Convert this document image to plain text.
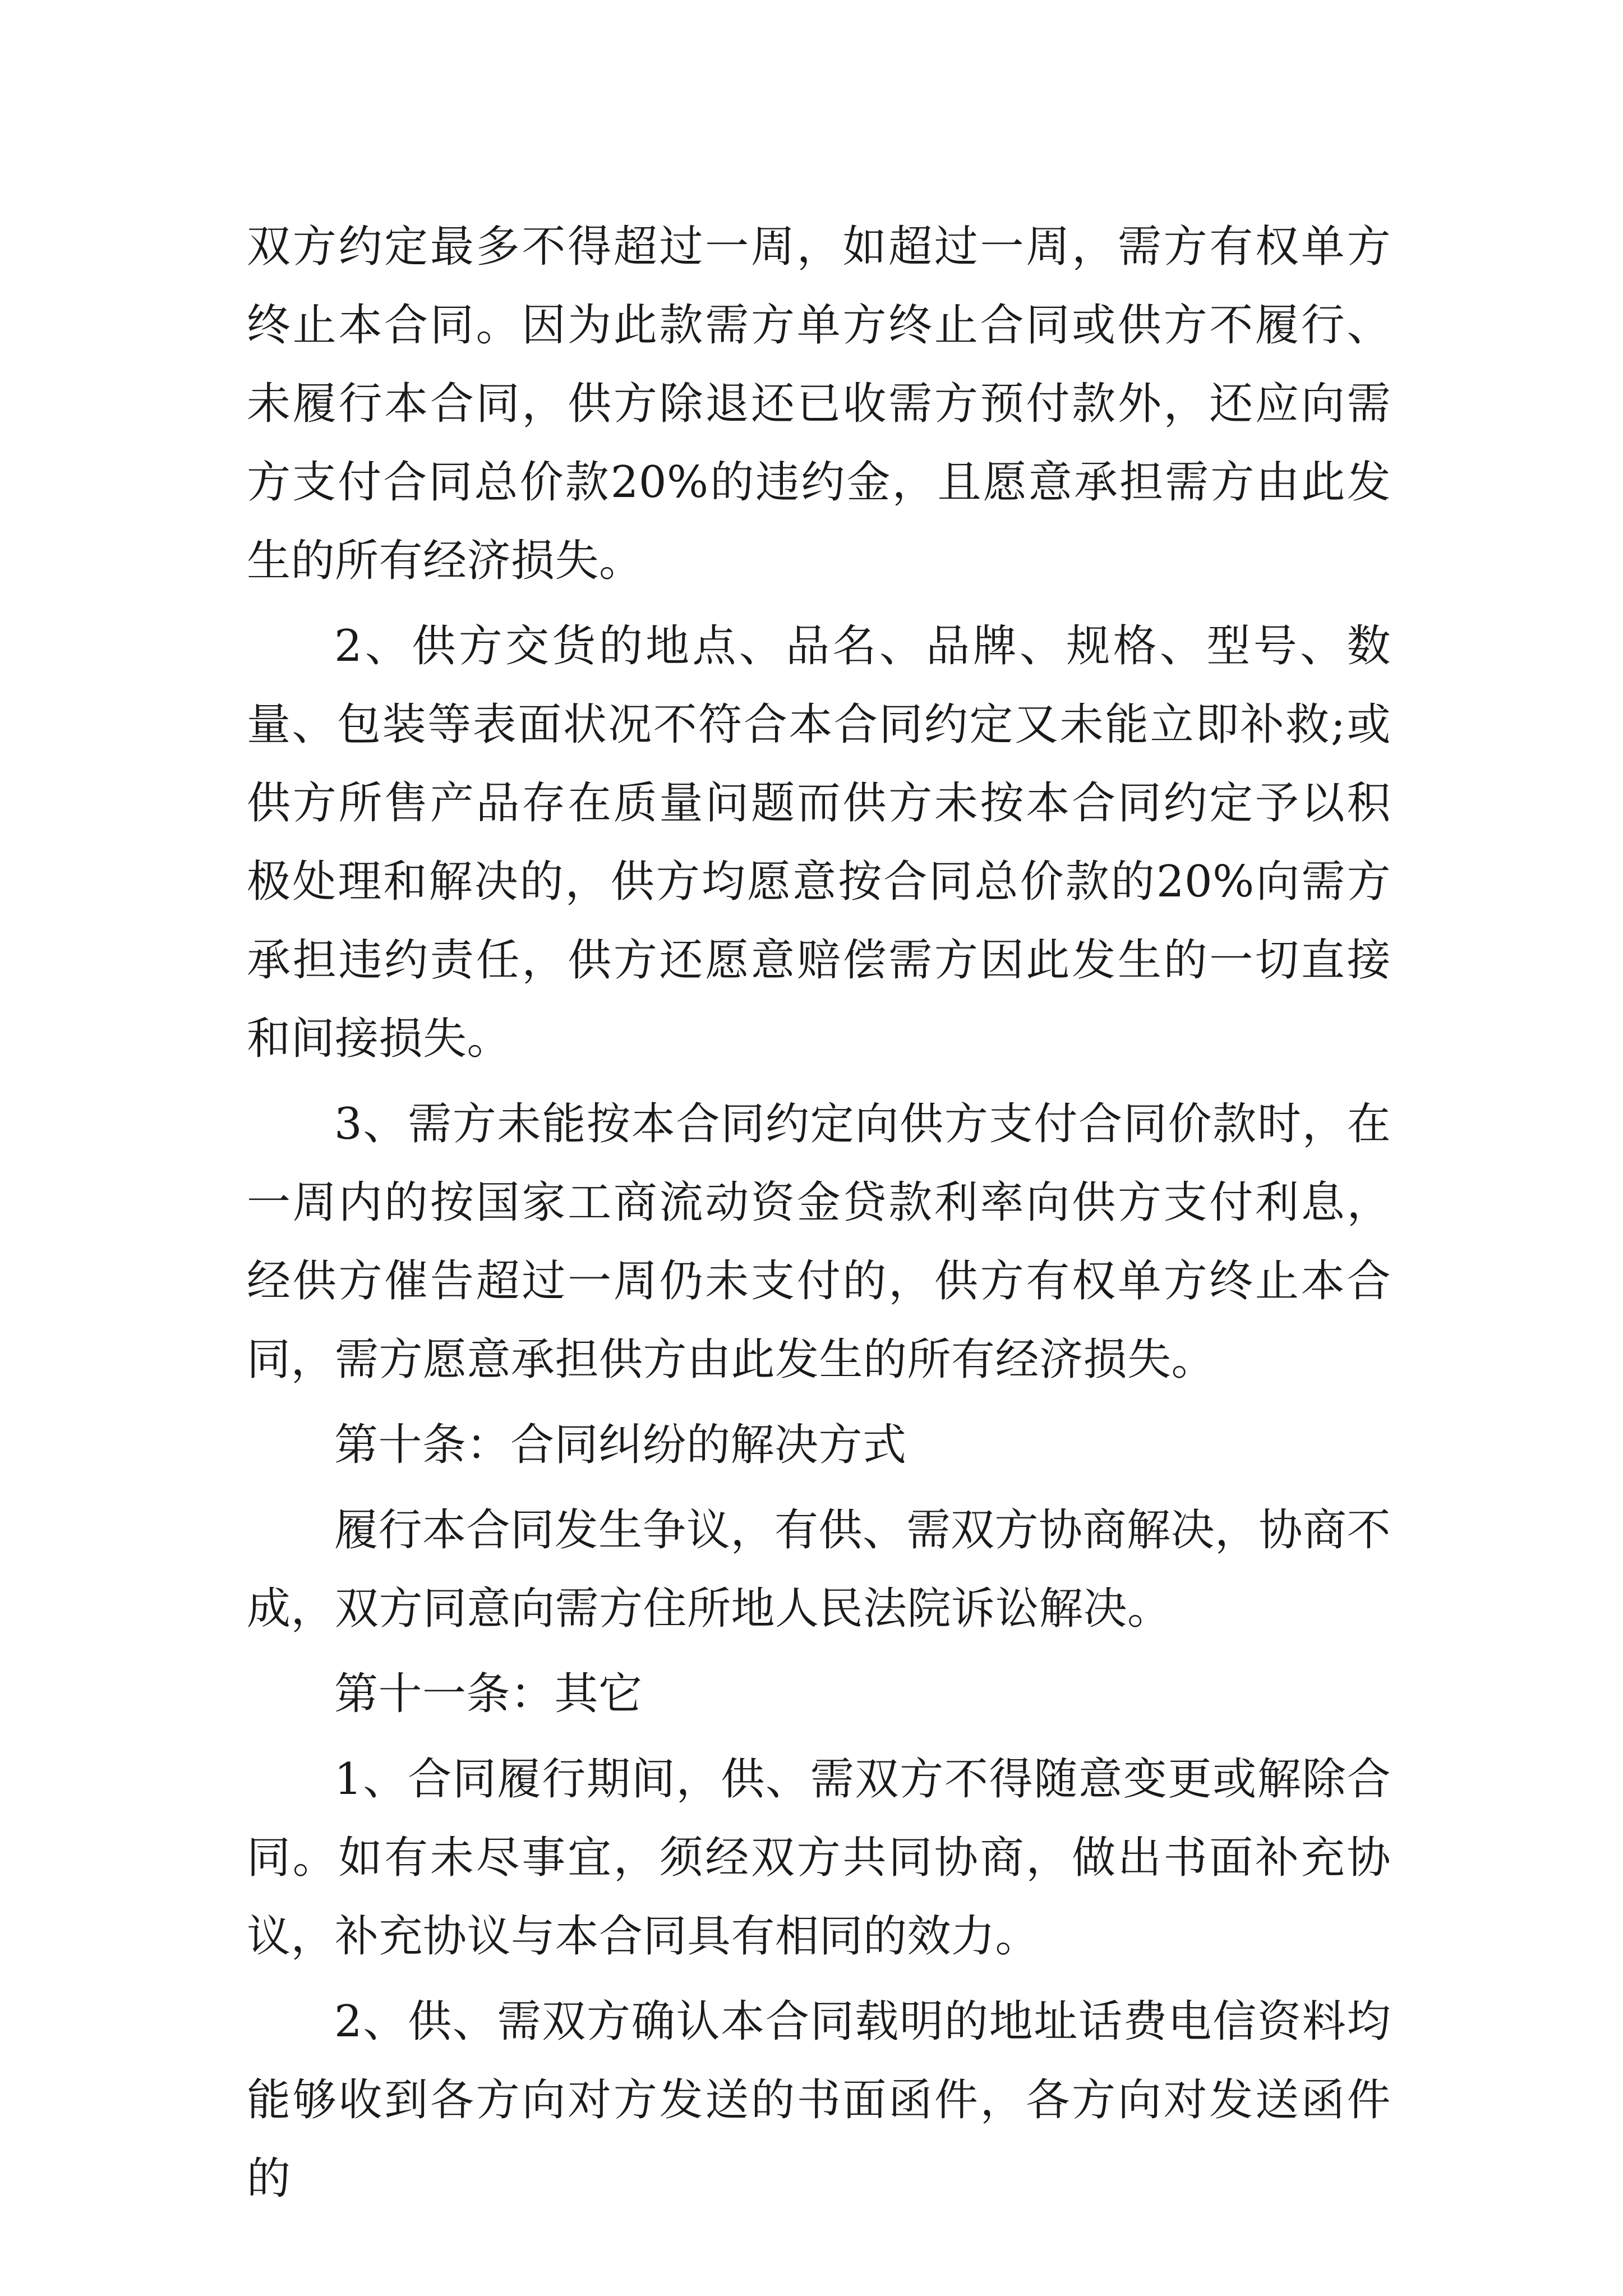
双方约定最多不得超过一周，如超过一周，需方有权单方终止本合同。因为此款需方单方终止合同或供方不履行、未履行本合同，供方除退还已收需方预付款外，还应向需方支付合同总价款20%的违约金，且愿意承担需方由此发生的所有经济损失。

2、供方交货的地点、品名、品牌、规格、型号、数量、包装等表面状况不符合本合同约定又未能立即补救;或供方所售产品存在质量问题而供方未按本合同约定予以积极处理和解决的，供方均愿意按合同总价款的20%向需方承担违约责任，供方还愿意赔偿需方因此发生的一切直接和间接损失。

3、需方未能按本合同约定向供方支付合同价款时，在一周内的按国家工商流动资金贷款利率向供方支付利息，经供方催告超过一周仍未支付的，供方有权单方终止本合同，需方愿意承担供方由此发生的所有经济损失。

第十条：合同纠纷的解决方式

履行本合同发生争议，有供、需双方协商解决，协商不成，双方同意向需方住所地人民法院诉讼解决。

第十一条：其它

1、合同履行期间，供、需双方不得随意变更或解除合同。如有未尽事宜，须经双方共同协商，做出书面补充协议，补充协议与本合同具有相同的效力。

2、供、需双方确认本合同载明的地址话费电信资料均能够收到各方向对方发送的书面函件，各方向对发送函件的
